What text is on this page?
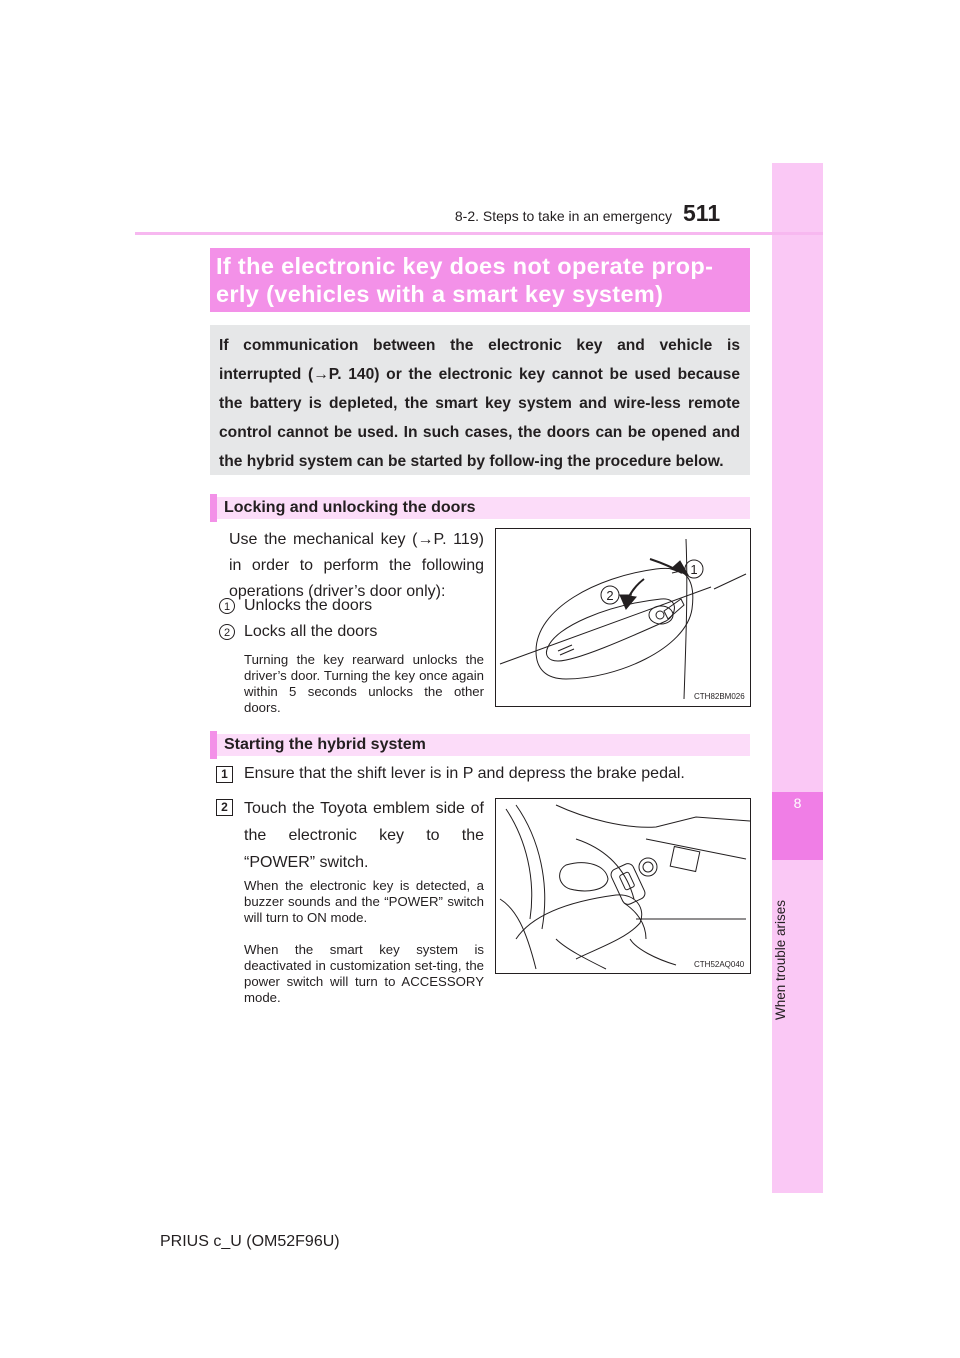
8
When trouble arises
8-2. Steps to take in an emergency 511
If the electronic key does not operate prop-
erly (vehicles with a smart key system)
If communication between the electronic key and vehicle is interrupted (→P. 140) or the electronic key cannot be used because the battery is depleted, the smart key system and wire-less remote control cannot be used. In such cases, the doors can be opened and the hybrid system can be started by follow-ing the procedure below.
Locking and unlocking the doors
Use the mechanical key (→P. 119) in order to perform the following operations (driver’s door only):
1 Unlocks the doors
2 Locks all the doors
Turning the key rearward unlocks the driver’s door. Turning the key once again within 5 seconds unlocks the other doors.
1
2
CTH82BM026
Starting the hybrid system
1	Ensure that the shift lever is in P and depress the brake pedal.
2	Touch the Toyota emblem side of the electronic key to the “POWER” switch.
When the electronic key is detected, a buzzer sounds and the “POWER” switch will turn to ON mode.
When the smart key system is deactivated in customization set-ting, the power switch will turn to ACCESSORY mode.
CTH52AQ040
PRIUS c_U (OM52F96U)
